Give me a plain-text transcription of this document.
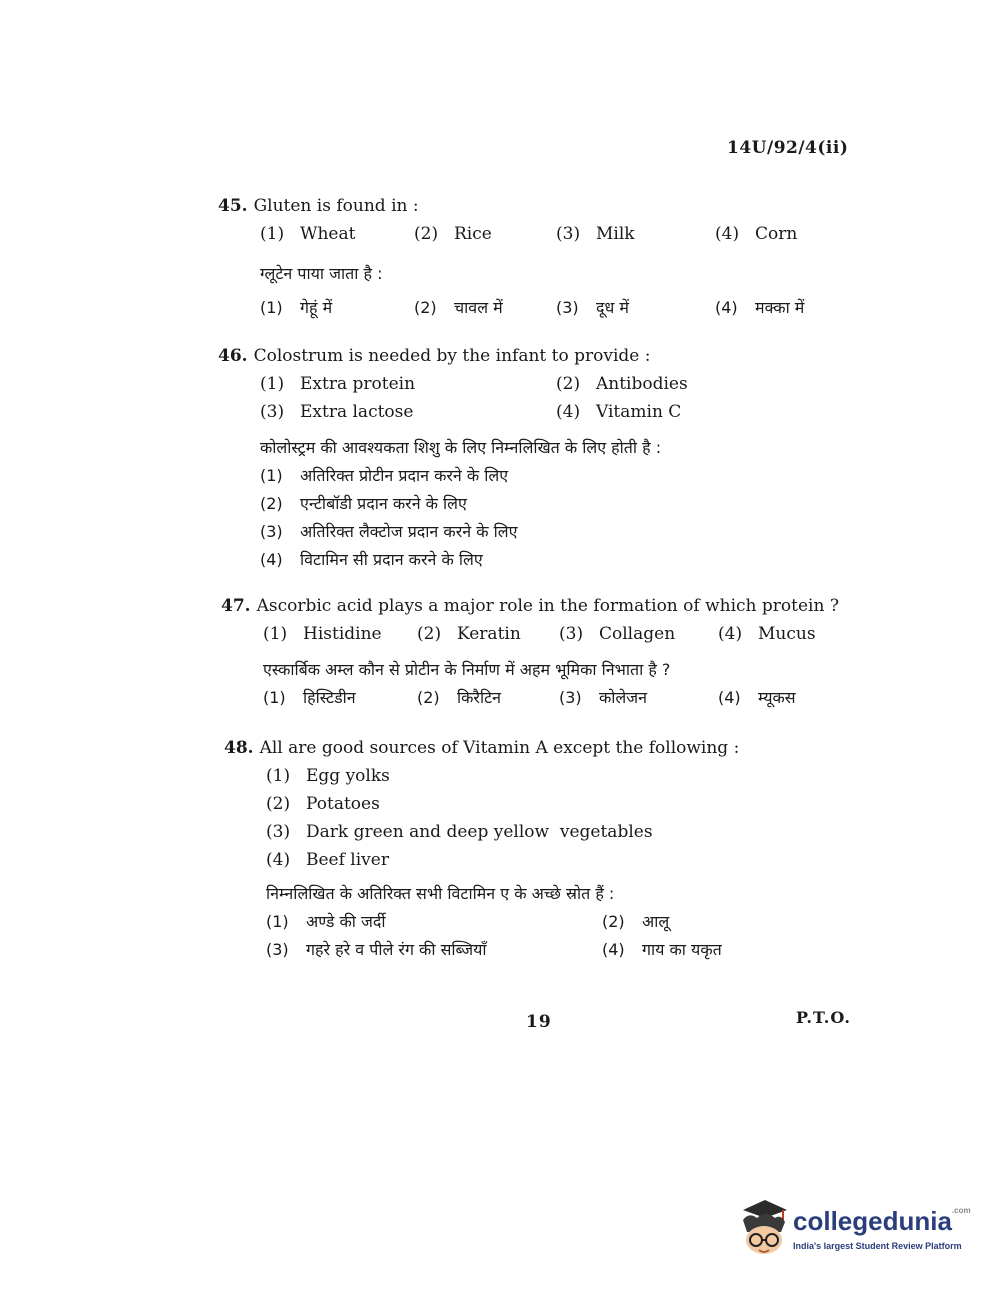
14U/92/4(ii)
45. Gluten is found in :
(1) Wheat	(2) Rice	(3) Milk	(4) Corn
ग्लूटेन पाया जाता है :
(1) गेहूं में	(2) चावल में	(3) दूध में	(4) मक्का में
46. Colostrum is needed by the infant to provide :
(1) Extra protein	(2) Antibodies
(3) Extra lactose	(4) Vitamin C
कोलोस्ट्रम की आवश्यकता शिशु के लिए निम्नलिखित के लिए होती है :
(1) अतिरिक्त प्रोटीन प्रदान करने के लिए
(2) एन्टीबॉडी प्रदान करने के लिए
(3) अतिरिक्त लैक्टोज प्रदान करने के लिए
(4) विटामिन सी प्रदान करने के लिए
47. Ascorbic acid plays a major role in the formation of which protein ?
(1) Histidine (2) Keratin (3) Collagen	(4) Mucus
एस्कार्बिक अम्ल कौन से प्रोटीन के निर्माण में अहम भूमिका निभाता है ?
(1) हिस्टिडीन	(2) किरैटिन	(3) कोलेजन	(4) म्यूकस
48. All are good sources of Vitamin A except the following :
(1) Egg yolks
(2) Potatoes
(3) Dark green and deep yellow  vegetables
(4) Beef liver
निम्नलिखित के अतिरिक्त सभी विटामिन ए के अच्छे स्रोत हैं :
(1) अण्डे की जर्दी	(2) आलू
(3) गहरे हरे व पीले रंग की सब्जियाँ	(4) गाय का यकृत
19	P.T.O.
collegedunia$^{.com}$
India's largest Student Review Platform
